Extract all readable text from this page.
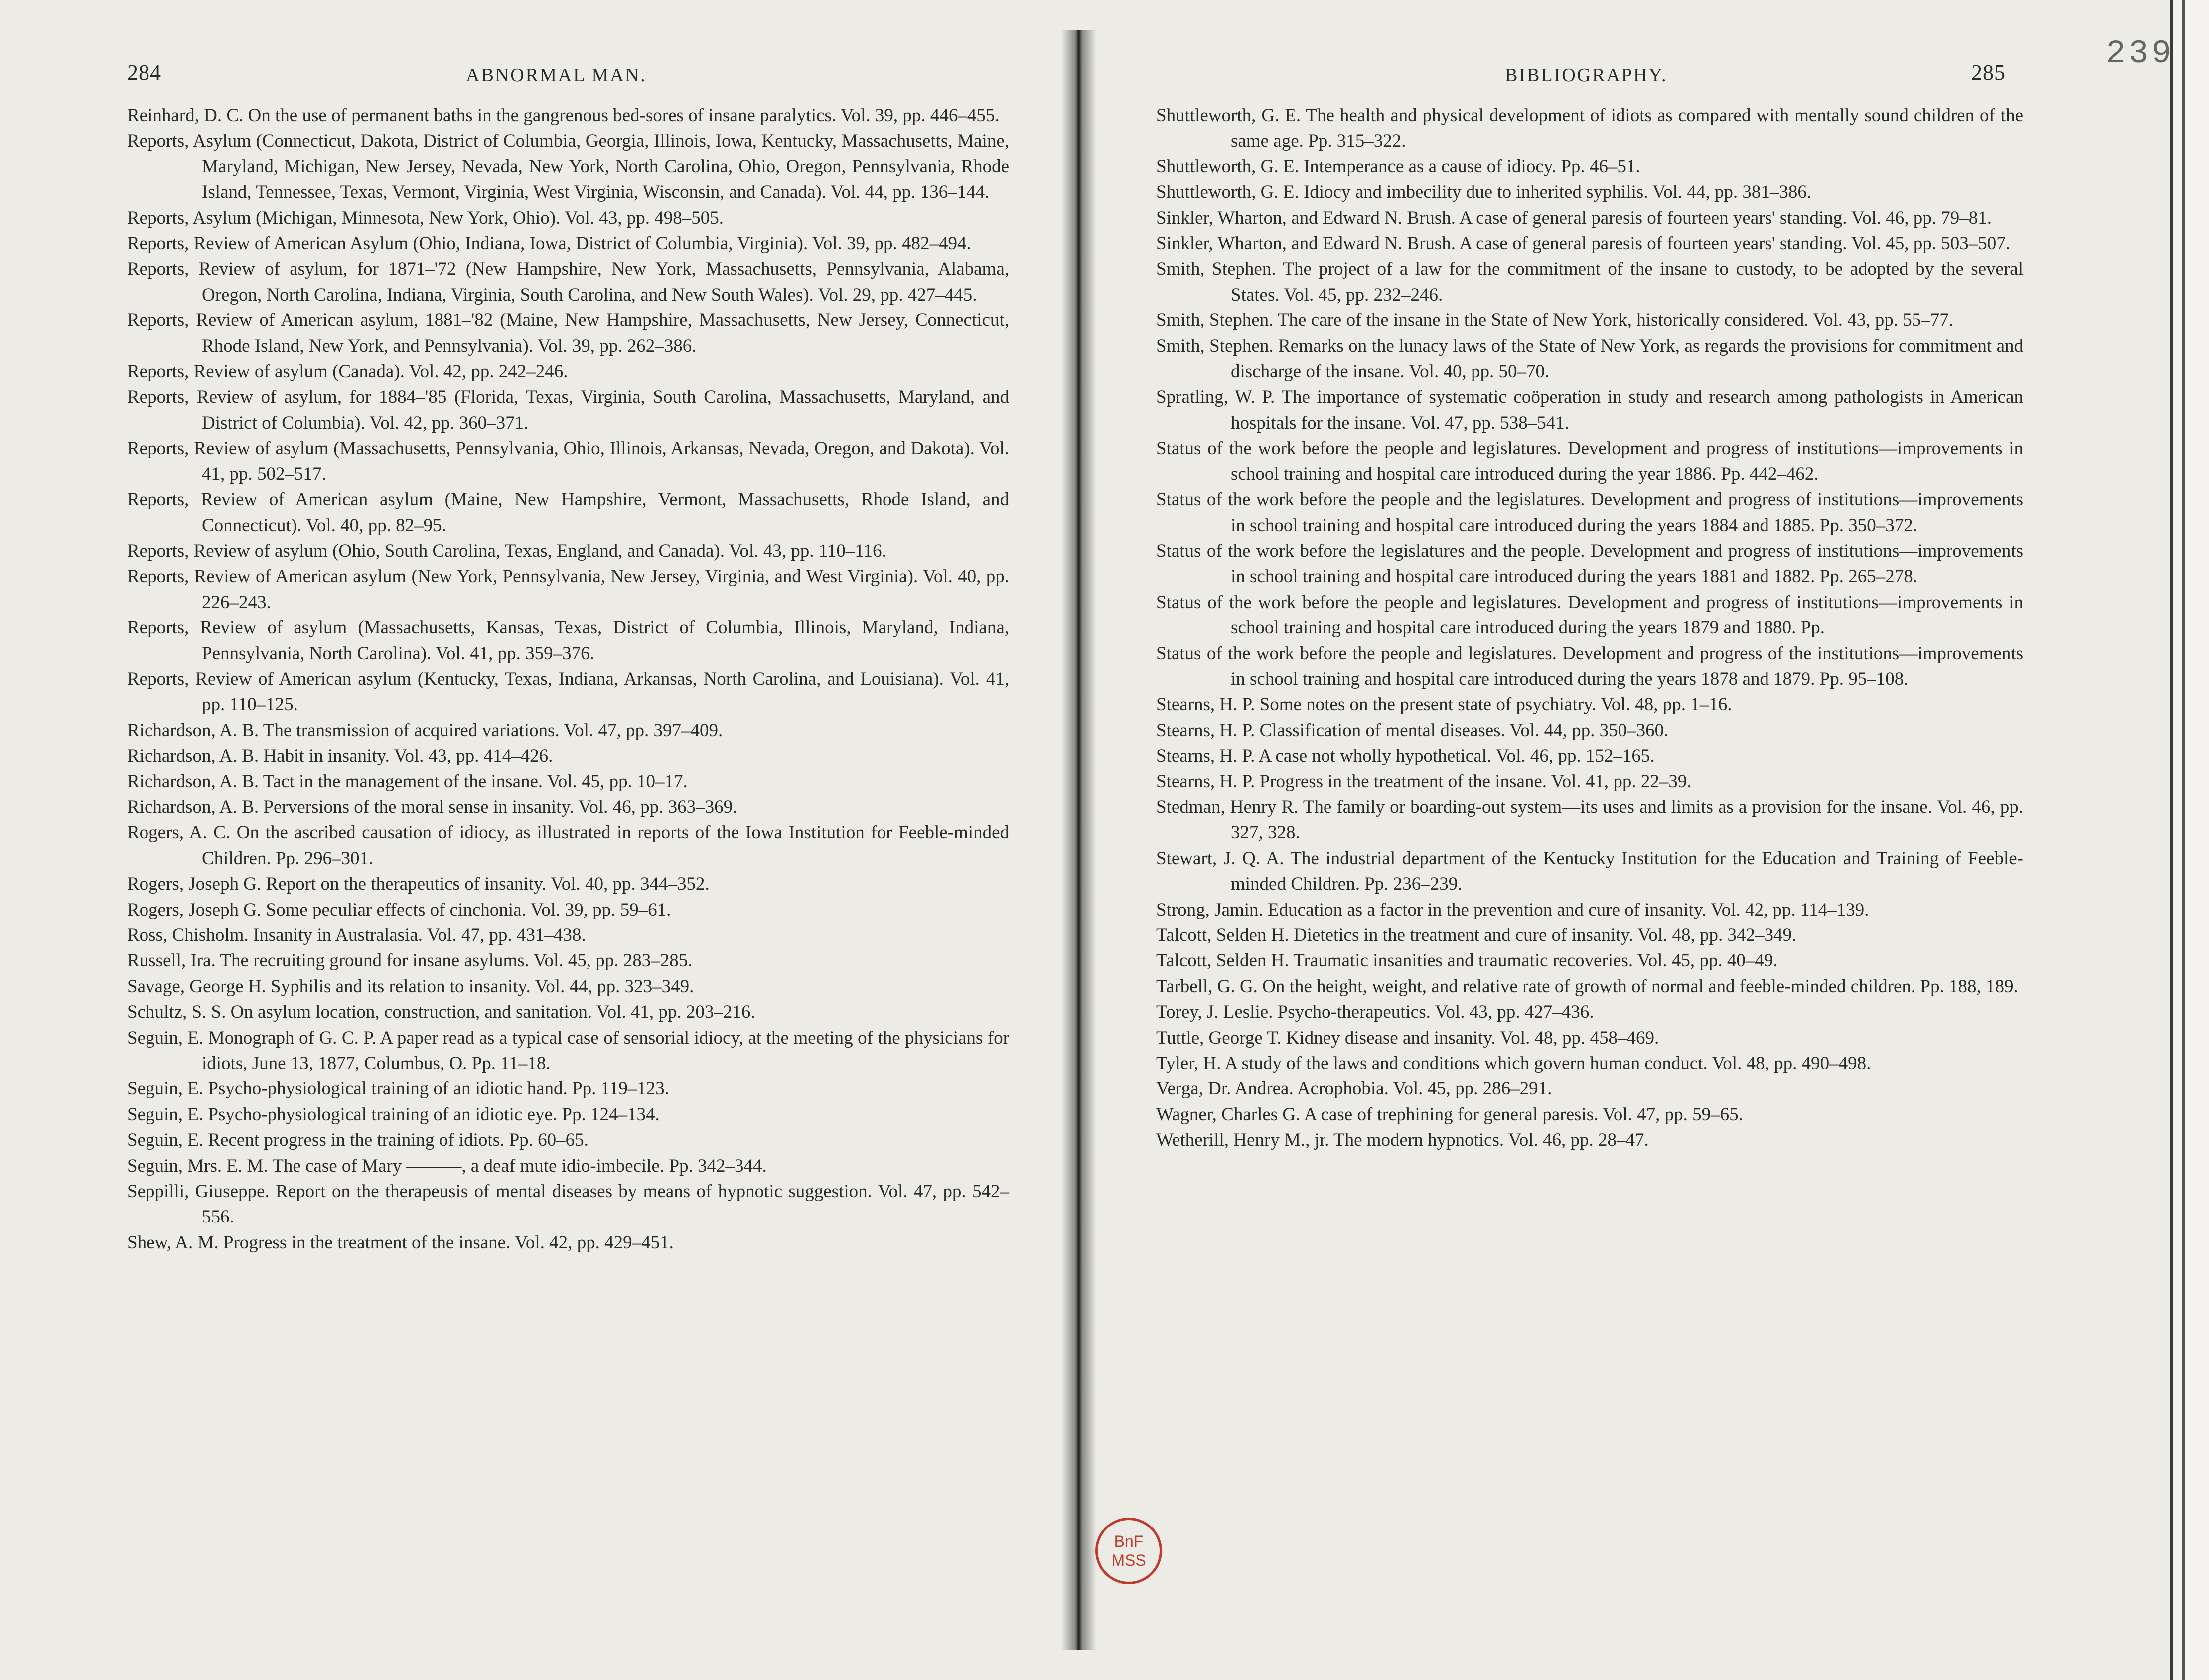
239
284	ABNORMAL MAN.
Reinhard, D. C. On the use of permanent baths in the gangrenous bed-sores of insane paralytics. Vol. 39, pp. 446–455.
Reports, Asylum (Connecticut, Dakota, District of Columbia, Georgia, Illinois, Iowa, Kentucky, Massachusetts, Maine, Maryland, Michigan, New Jersey, Nevada, New York, North Carolina, Ohio, Oregon, Pennsylvania, Rhode Island, Tennessee, Texas, Vermont, Virginia, West Virginia, Wisconsin, and Canada). Vol. 44, pp. 136–144.
Reports, Asylum (Michigan, Minnesota, New York, Ohio). Vol. 43, pp. 498–505.
Reports, Review of American Asylum (Ohio, Indiana, Iowa, District of Columbia, Virginia). Vol. 39, pp. 482–494.
Reports, Review of asylum, for 1871–'72 (New Hampshire, New York, Massachusetts, Pennsylvania, Alabama, Oregon, North Carolina, Indiana, Virginia, South Carolina, and New South Wales). Vol. 29, pp. 427–445.
Reports, Review of American asylum, 1881–'82 (Maine, New Hampshire, Massachusetts, New Jersey, Connecticut, Rhode Island, New York, and Pennsylvania). Vol. 39, pp. 262–386.
Reports, Review of asylum (Canada). Vol. 42, pp. 242–246.
Reports, Review of asylum, for 1884–'85 (Florida, Texas, Virginia, South Carolina, Massachusetts, Maryland, and District of Columbia). Vol. 42, pp. 360–371.
Reports, Review of asylum (Massachusetts, Pennsylvania, Ohio, Illinois, Arkansas, Nevada, Oregon, and Dakota). Vol. 41, pp. 502–517.
Reports, Review of American asylum (Maine, New Hampshire, Vermont, Massachusetts, Rhode Island, and Connecticut). Vol. 40, pp. 82–95.
Reports, Review of asylum (Ohio, South Carolina, Texas, England, and Canada). Vol. 43, pp. 110–116.
Reports, Review of American asylum (New York, Pennsylvania, New Jersey, Virginia, and West Virginia). Vol. 40, pp. 226–243.
Reports, Review of asylum (Massachusetts, Kansas, Texas, District of Columbia, Illinois, Maryland, Indiana, Pennsylvania, North Carolina). Vol. 41, pp. 359–376.
Reports, Review of American asylum (Kentucky, Texas, Indiana, Arkansas, North Carolina, and Louisiana). Vol. 41, pp. 110–125.
Richardson, A. B. The transmission of acquired variations. Vol. 47, pp. 397–409.
Richardson, A. B. Habit in insanity. Vol. 43, pp. 414–426.
Richardson, A. B. Tact in the management of the insane. Vol. 45, pp. 10–17.
Richardson, A. B. Perversions of the moral sense in insanity. Vol. 46, pp. 363–369.
Rogers, A. C. On the ascribed causation of idiocy, as illustrated in reports of the Iowa Institution for Feeble-minded Children. Pp. 296–301.
Rogers, Joseph G. Report on the therapeutics of insanity. Vol. 40, pp. 344–352.
Rogers, Joseph G. Some peculiar effects of cinchonia. Vol. 39, pp. 59–61.
Ross, Chisholm. Insanity in Australasia. Vol. 47, pp. 431–438.
Russell, Ira. The recruiting ground for insane asylums. Vol. 45, pp. 283–285.
Savage, George H. Syphilis and its relation to insanity. Vol. 44, pp. 323–349.
Schultz, S. S. On asylum location, construction, and sanitation. Vol. 41, pp. 203–216.
Seguin, E. Monograph of G. C. P. A paper read as a typical case of sensorial idiocy, at the meeting of the physicians for idiots, June 13, 1877, Columbus, O. Pp. 11–18.
Seguin, E. Psycho-physiological training of an idiotic hand. Pp. 119–123.
Seguin, E. Psycho-physiological training of an idiotic eye. Pp. 124–134.
Seguin, E. Recent progress in the training of idiots. Pp. 60–65.
Seguin, Mrs. E. M. The case of Mary ———, a deaf mute idio-imbecile. Pp. 342–344.
Seppilli, Giuseppe. Report on the therapeusis of mental diseases by means of hypnotic suggestion. Vol. 47, pp. 542–556.
Shew, A. M. Progress in the treatment of the insane. Vol. 42, pp. 429–451.
BIBLIOGRAPHY.	285
Shuttleworth, G. E. The health and physical development of idiots as compared with mentally sound children of the same age. Pp. 315–322.
Shuttleworth, G. E. Intemperance as a cause of idiocy. Pp. 46–51.
Shuttleworth, G. E. Idiocy and imbecility due to inherited syphilis. Vol. 44, pp. 381–386.
Sinkler, Wharton, and Edward N. Brush. A case of general paresis of fourteen years' standing. Vol. 46, pp. 79–81.
Sinkler, Wharton, and Edward N. Brush. A case of general paresis of fourteen years' standing. Vol. 45, pp. 503–507.
Smith, Stephen. The project of a law for the commitment of the insane to custody, to be adopted by the several States. Vol. 45, pp. 232–246.
Smith, Stephen. The care of the insane in the State of New York, historically considered. Vol. 43, pp. 55–77.
Smith, Stephen. Remarks on the lunacy laws of the State of New York, as regards the provisions for commitment and discharge of the insane. Vol. 40, pp. 50–70.
Spratling, W. P. The importance of systematic coöperation in study and research among pathologists in American hospitals for the insane. Vol. 47, pp. 538–541.
Status of the work before the people and legislatures. Development and progress of institutions—improvements in school training and hospital care introduced during the year 1886. Pp. 442–462.
Status of the work before the people and the legislatures. Development and progress of institutions—improvements in school training and hospital care introduced during the years 1884 and 1885. Pp. 350–372.
Status of the work before the legislatures and the people. Development and progress of institutions—improvements in school training and hospital care introduced during the years 1881 and 1882. Pp. 265–278.
Status of the work before the people and legislatures. Development and progress of institutions—improvements in school training and hospital care introduced during the years 1879 and 1880. Pp.
Status of the work before the people and legislatures. Development and progress of the institutions—improvements in school training and hospital care introduced during the years 1878 and 1879. Pp. 95–108.
Stearns, H. P. Some notes on the present state of psychiatry. Vol. 48, pp. 1–16.
Stearns, H. P. Classification of mental diseases. Vol. 44, pp. 350–360.
Stearns, H. P. A case not wholly hypothetical. Vol. 46, pp. 152–165.
Stearns, H. P. Progress in the treatment of the insane. Vol. 41, pp. 22–39.
Stedman, Henry R. The family or boarding-out system—its uses and limits as a provision for the insane. Vol. 46, pp. 327, 328.
Stewart, J. Q. A. The industrial department of the Kentucky Institution for the Education and Training of Feeble-minded Children. Pp. 236–239.
Strong, Jamin. Education as a factor in the prevention and cure of insanity. Vol. 42, pp. 114–139.
Talcott, Selden H. Dietetics in the treatment and cure of insanity. Vol. 48, pp. 342–349.
Talcott, Selden H. Traumatic insanities and traumatic recoveries. Vol. 45, pp. 40–49.
Tarbell, G. G. On the height, weight, and relative rate of growth of normal and feeble-minded children. Pp. 188, 189.
Torey, J. Leslie. Psycho-therapeutics. Vol. 43, pp. 427–436.
Tuttle, George T. Kidney disease and insanity. Vol. 48, pp. 458–469.
Tyler, H. A study of the laws and conditions which govern human conduct. Vol. 48, pp. 490–498.
Verga, Dr. Andrea. Acrophobia. Vol. 45, pp. 286–291.
Wagner, Charles G. A case of trephining for general paresis. Vol. 47, pp. 59–65.
Wetherill, Henry M., jr. The modern hypnotics. Vol. 46, pp. 28–47.
BnF
MSS
